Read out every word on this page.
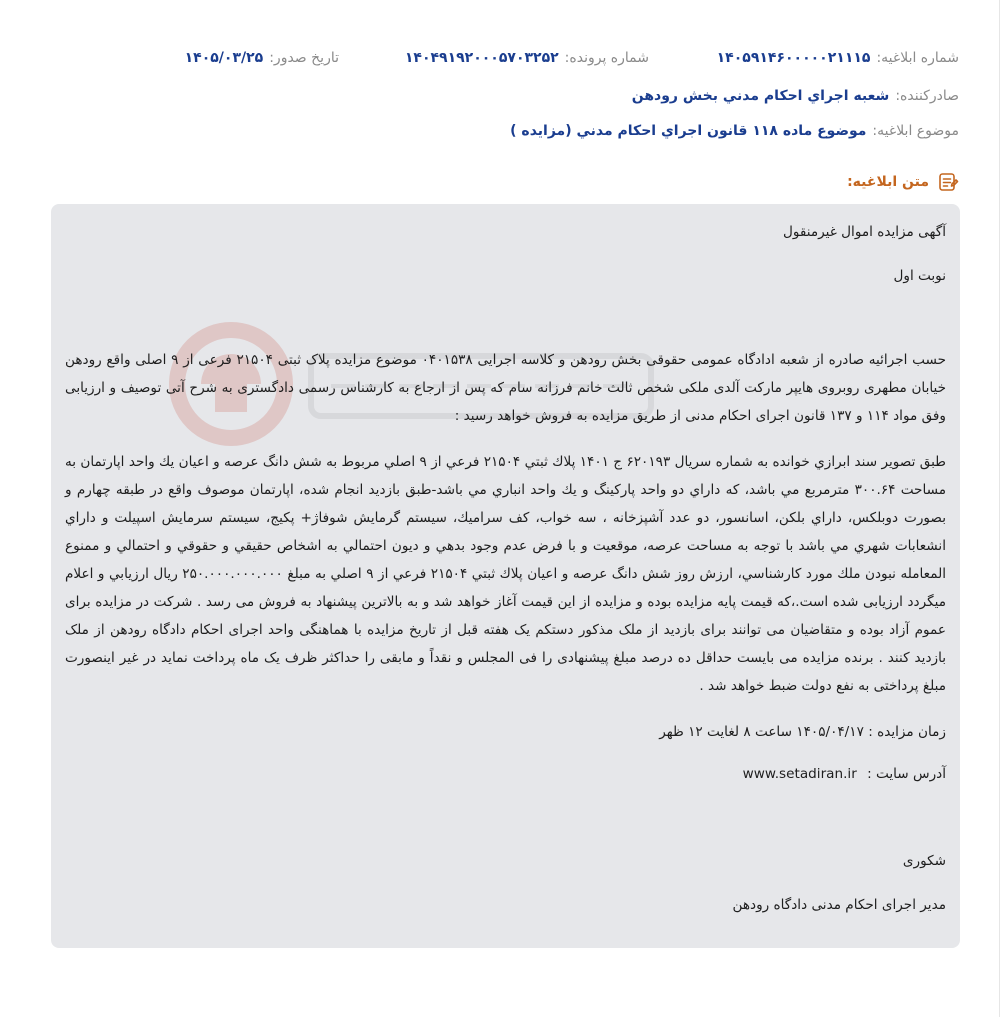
شماره ابلاغیه:
۱۴۰۵۹۱۴۶۰۰۰۰۰۲۱۱۱۵
شماره پرونده:
۱۴۰۴۹۱۹۲۰۰۰۵۷۰۳۲۵۲
تاریخ صدور:
۱۴۰۵/۰۳/۲۵
صادرکننده:
شعبه اجراي احكام مدني بخش رودهن
موضوع ابلاغیه:
موضوع ماده ۱۱۸ قانون اجراي احكام مدني (مزايده )
متن ابلاغیه:
آگهی مزایده اموال غیرمنقول
نوبت اول

حسب اجرائیه صادره از شعبه ادادگاه عمومی حقوقی بخش رودهن و کلاسه اجرایی ۰۴۰۱۵۳۸ موضوع مزایده پلاک ثبتی ۲۱۵۰۴ فرعی از ۹ اصلی واقع رودهن خیابان مطهری روبروی هایپر مارکت آلدی ملکی شخص ثالث خانم فرزانه سام که پس از ارجاع به کارشناس رسمی دادگستری به شرح آتی توصیف و ارزیابی وفق مواد ۱۱۴ و ۱۳۷ قانون اجرای احکام مدنی از طریق مزایده به فروش خواهد رسید :

طبق تصوير سند ابرازي خوانده به شماره سريال ۶۲۰۱۹۳ ج ۱۴۰۱ پلاك ثبتي ۲۱۵۰۴ فرعي از ۹ اصلي مربوط به شش دانگ عرصه و اعيان يك واحد اپارتمان به مساحت ۳۰۰.۶۴ مترمربع مي باشد، كه داراي دو واحد پاركينگ و يك واحد انباري مي باشد-طبق بازديد انجام شده، اپارتمان موصوف واقع در طبقه چهارم و بصورت دوبلكس، داراي بلكن، اسانسور، دو عدد آشپزخانه ، سه خواب، كف سراميك، سيستم گرمايش شوفاژ+ پكيج، سيستم سرمايش اسپيلت و داراي انشعابات شهري مي باشد با توجه به مساحت عرصه، موقعيت و با فرض عدم وجود بدهي و ديون احتمالي به اشخاص حقيقي و حقوقي و احتمالي و ممنوع المعامله نبودن ملك مورد كارشناسي، ارزش روز شش دانگ عرصه و اعيان پلاك ثبتي ۲۱۵۰۴ فرعي از ۹ اصلي به مبلغ ۲۵۰.۰۰۰.۰۰۰.۰۰۰ ريال ارزيابي و اعلام ميگردد ارزیابی شده است.،که قیمت پایه مزایده بوده و مزایده از این قیمت آغاز خواهد شد و به بالاترین پیشنهاد به فروش می رسد . شرکت در مزایده برای عموم آزاد بوده و متقاضیان می توانند برای بازدید از ملک مذکور دستکم یک هفته قبل از تاریخ مزایده با هماهنگی واحد اجرای احکام دادگاه رودهن از ملک بازدید کنند . برنده مزایده می بایست حداقل ده درصد مبلغ پیشنهادی را فی المجلس و نقداً و مابقی را حداکثر ظرف یک ماه پرداخت نماید در غیر اینصورت مبلغ پرداختی به نفع دولت ضبط خواهد شد .

زمان مزایده : ۱۴۰۵/۰۴/۱۷ ساعت ۸ لغایت ۱۲ ظهر
آدرس سایت : www.setadiran.ir
شکوری
مدیر اجرای احکام مدنی دادگاه رودهن
